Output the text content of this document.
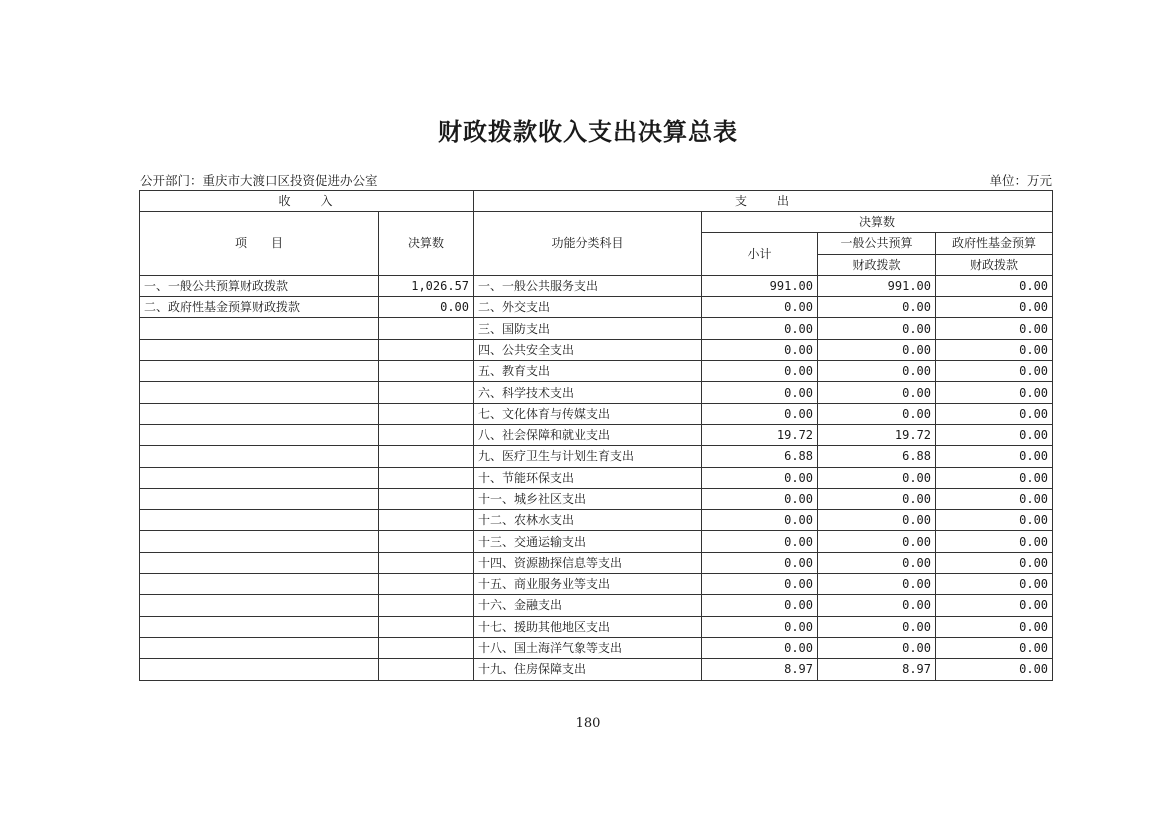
财政拨款收入支出决算总表
公开部门：重庆市大渡口区投资促进办公室	单位：万元
收　　入		支　　出			
项　　目	决算数	功能分类科目	决算数		
			小计	一般公共预算	政府性基金预算
				财政拨款	财政拨款
一、一般公共预算财政拨款	1,026.57	一、一般公共服务支出	991.00	991.00	0.00
二、政府性基金预算财政拨款	0.00	二、外交支出	0.00	0.00	0.00
		三、国防支出	0.00	0.00	0.00
		四、公共安全支出	0.00	0.00	0.00
		五、教育支出	0.00	0.00	0.00
		六、科学技术支出	0.00	0.00	0.00
		七、文化体育与传媒支出	0.00	0.00	0.00
		八、社会保障和就业支出	19.72	19.72	0.00
		九、医疗卫生与计划生育支出	6.88	6.88	0.00
		十、节能环保支出	0.00	0.00	0.00
		十一、城乡社区支出	0.00	0.00	0.00
		十二、农林水支出	0.00	0.00	0.00
		十三、交通运输支出	0.00	0.00	0.00
		十四、资源勘探信息等支出	0.00	0.00	0.00
		十五、商业服务业等支出	0.00	0.00	0.00
		十六、金融支出	0.00	0.00	0.00
		十七、援助其他地区支出	0.00	0.00	0.00
		十八、国土海洋气象等支出	0.00	0.00	0.00
		十九、住房保障支出	8.97	8.97	0.00
180
